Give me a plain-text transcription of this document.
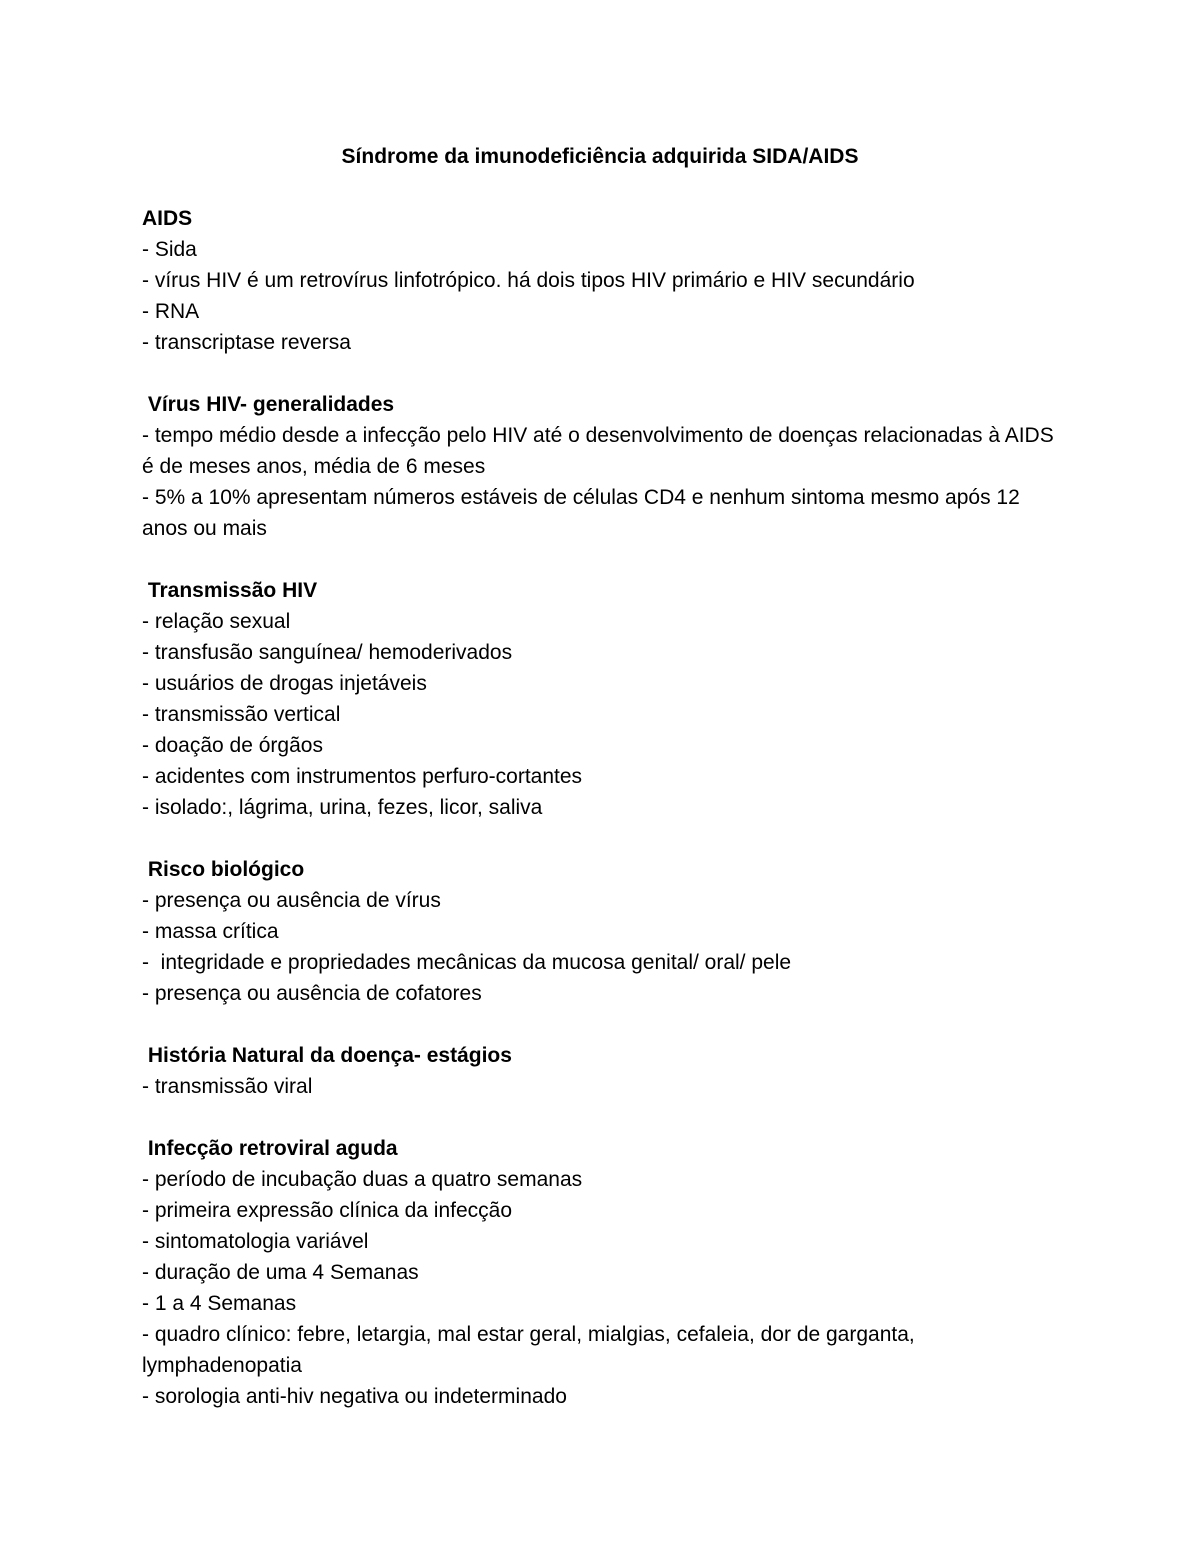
Síndrome da imunodeficiência adquirida SIDA/AIDS

AIDS

- Sida

- vírus HIV é um retrovírus linfotrópico. há dois tipos HIV primário e HIV secundário

- RNA

- transcriptase reversa

Vírus HIV- generalidades

- tempo médio desde a infecção pelo HIV até o desenvolvimento de doenças relacionadas à AIDS é de meses anos, média de 6 meses

- 5% a 10% apresentam números estáveis de células CD4 e nenhum sintoma mesmo após 12 anos ou mais

Transmissão HIV

- relação sexual

- transfusão sanguínea/ hemoderivados

- usuários de drogas injetáveis

- transmissão vertical

- doação de órgãos

- acidentes com instrumentos perfuro-cortantes

- isolado:, lágrima, urina, fezes, licor, saliva

Risco biológico

- presença ou ausência de vírus

- massa crítica

-  integridade e propriedades mecânicas da mucosa genital/ oral/ pele

- presença ou ausência de cofatores

História Natural da doença- estágios

- transmissão viral

Infecção retroviral aguda

- período de incubação duas a quatro semanas

- primeira expressão clínica da infecção

- sintomatologia variável

- duração de uma 4 Semanas

- 1 a 4 Semanas

- quadro clínico: febre, letargia, mal estar geral, mialgias, cefaleia, dor de garganta, lymphadenopatia

- sorologia anti-hiv negativa ou indeterminado
